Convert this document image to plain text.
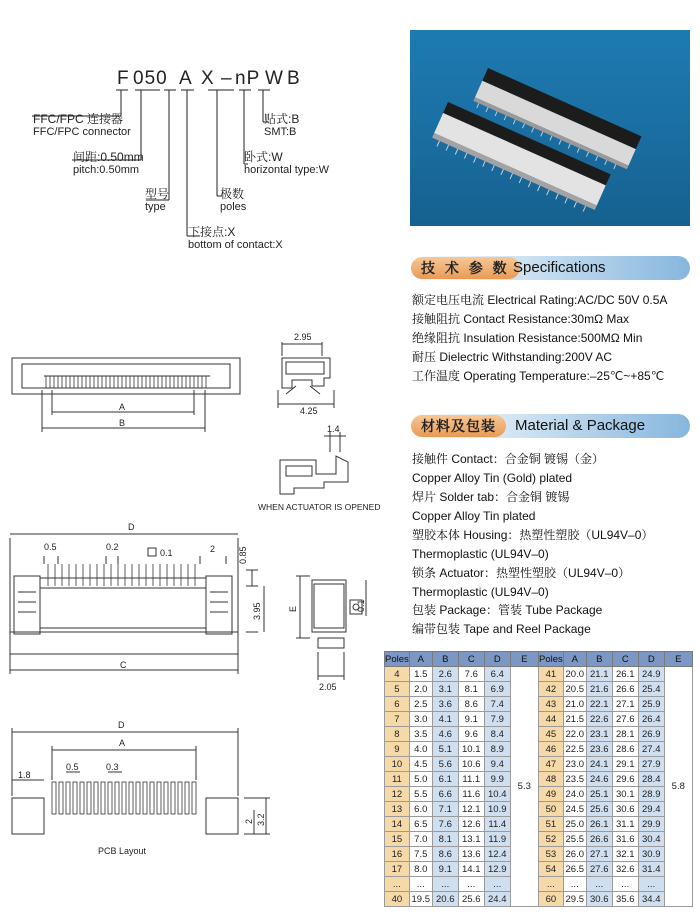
F 050 A X – nP W B
FFC/FPC 连接器
FFC/FPC connector
间距:0.50mm
pitch:0.50mm
型号
type
下接点:X
bottom of contact:X
极数
poles
卧式:W
horizontal type:W
贴式:B
SMT:B
技 术 参 数 Specifications
额定电压电流 Electrical Rating:AC/DC 50V 0.5A
接触阻抗 Contact Resistance:30mΩ Max
绝缘阻抗 Insulation Resistance:500MΩ Min
耐压 Dielectric Withstanding:200V AC
工作温度 Operating Temperature:–25℃~+85℃
材料及包装	Material & Package
接触件 Contact：合金铜 镀锡（金）
Copper Alloy Tin (Gold) plated
焊片 Solder tab：合金铜 镀锡
Copper Alloy Tin plated
塑胶本体 Housing：热塑性塑胶（UL94V–0）
Thermoplastic (UL94V–0)
锁条 Actuator：热塑性塑胶（UL94V–0）
Thermoplastic (UL94V–0)
包装 Package：管装 Tube Package
编带包装 Tape and Reel Package
Poles	A	B	C	D	E
4	1.5	2.6	7.6	6.4	5.3
5	2.0	3.1	8.1	6.9	
6	2.5	3.6	8.6	7.4	
7	3.0	4.1	9.1	7.9	
8	3.5	4.6	9.6	8.4	
9	4.0	5.1	10.1	8.9	
10	4.5	5.6	10.6	9.4	
11	5.0	6.1	11.1	9.9	
12	5.5	6.6	11.6	10.4	
13	6.0	7.1	12.1	10.9	
14	6.5	7.6	12.6	11.4	
15	7.0	8.1	13.1	11.9	
16	7.5	8.6	13.6	12.4	
17	8.0	9.1	14.1	12.9	
...	...	...	...	...	
40	19.5	20.6	25.6	24.4	
Poles	A	B	C	D	E
41	20.0	21.1	26.1	24.9	5.8
42	20.5	21.6	26.6	25.4	
43	21.0	22.1	27.1	25.9	
44	21.5	22.6	27.6	26.4	
45	22.0	23.1	28.1	26.9	
46	22.5	23.6	28.6	27.4	
47	23.0	24.1	29.1	27.9	
48	23.5	24.6	29.6	28.4	
49	24.0	25.1	30.1	28.9	
50	24.5	25.6	30.6	29.4	
51	25.0	26.1	31.1	29.9	
52	25.5	26.6	31.6	30.4	
53	26.0	27.1	32.1	30.9	
54	26.5	27.6	32.6	31.4	
...	...	...	...	...	
60	29.5	30.6	35.6	34.4	
A
B
2.95
4.25
1.4
WHEN ACTUATOR IS OPENED
D
0.5	0.2
0.1	2
C
2.05
D
A
1.8
0.5	0.3
PCB Layout
0.85
3.95	E	0.1
2 3.2
